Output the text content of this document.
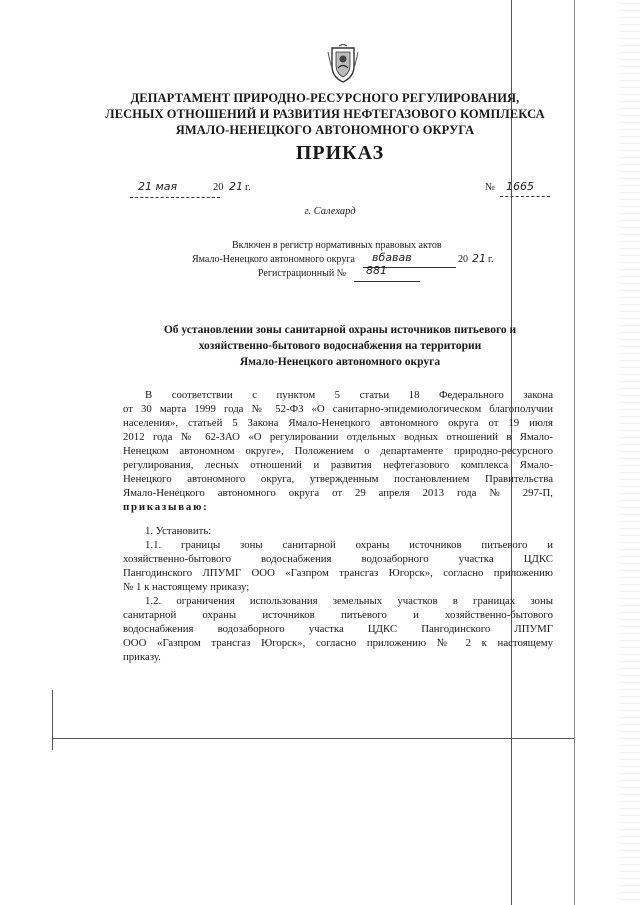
ДЕПАРТАМЕНТ ПРИРОДНО-РЕСУРСНОГО РЕГУЛИРОВАНИЯ,
ЛЕСНЫХ ОТНОШЕНИЙ И РАЗВИТИЯ НЕФТЕГАЗОВОГО КОМПЛЕКСА
ЯМАЛО-НЕНЕЦКОГО АВТОНОМНОГО ОКРУГА
ПРИКАЗ
21 мая	20 21 г.	№ 1665
г. Салехард
Включен в регистр нормативных правовых актов
Ямало-Ненецкого автономного округа вбавав	20 21 г.
Регистрационный № 881
Об установлении зоны санитарной охраны источников питьевого и
хозяйственно-бытового водоснабжения на территории
Ямало-Ненецкого автономного округа
В соответствии с пунктом 5 статьи 18 Федерального закона
от 30 марта 1999 года № 52-ФЗ «О санитарно-эпидемиологическом благополучии
населения», статьей 5 Закона Ямало-Ненецкого автономного округа от 19 июля
2012 года № 62-ЗАО «О регулировании отдельных водных отношений в Ямало-
Ненецком автономном округе», Положением о департаменте природно-ресурсного
регулирования, лесных отношений и развития нефтегазового комплекса Ямало-
Ненецкого автономного округа, утвержденным постановлением Правительства
Ямало-Ненецкого автономного округа от 29 апреля 2013 года № 297-П,
приказываю:
1. Установить:
1.1. границы зоны санитарной охраны источников питьевого и
хозяйственно-бытового водоснабжения водозаборного участка ЦДКС
Пангодинского ЛПУМГ ООО «Газпром трансгаз Югорск», согласно приложению
№ 1 к настоящему приказу;
1.2. ограничения использования земельных участков в границах зоны
санитарной охраны источников питьевого и хозяйственно-бытового
водоснабжения водозаборного участка ЦДКС Пангодинского ЛПУМГ
ООО «Газпром трансгаз Югорск», согласно приложению № 2 к настоящему
приказу.
